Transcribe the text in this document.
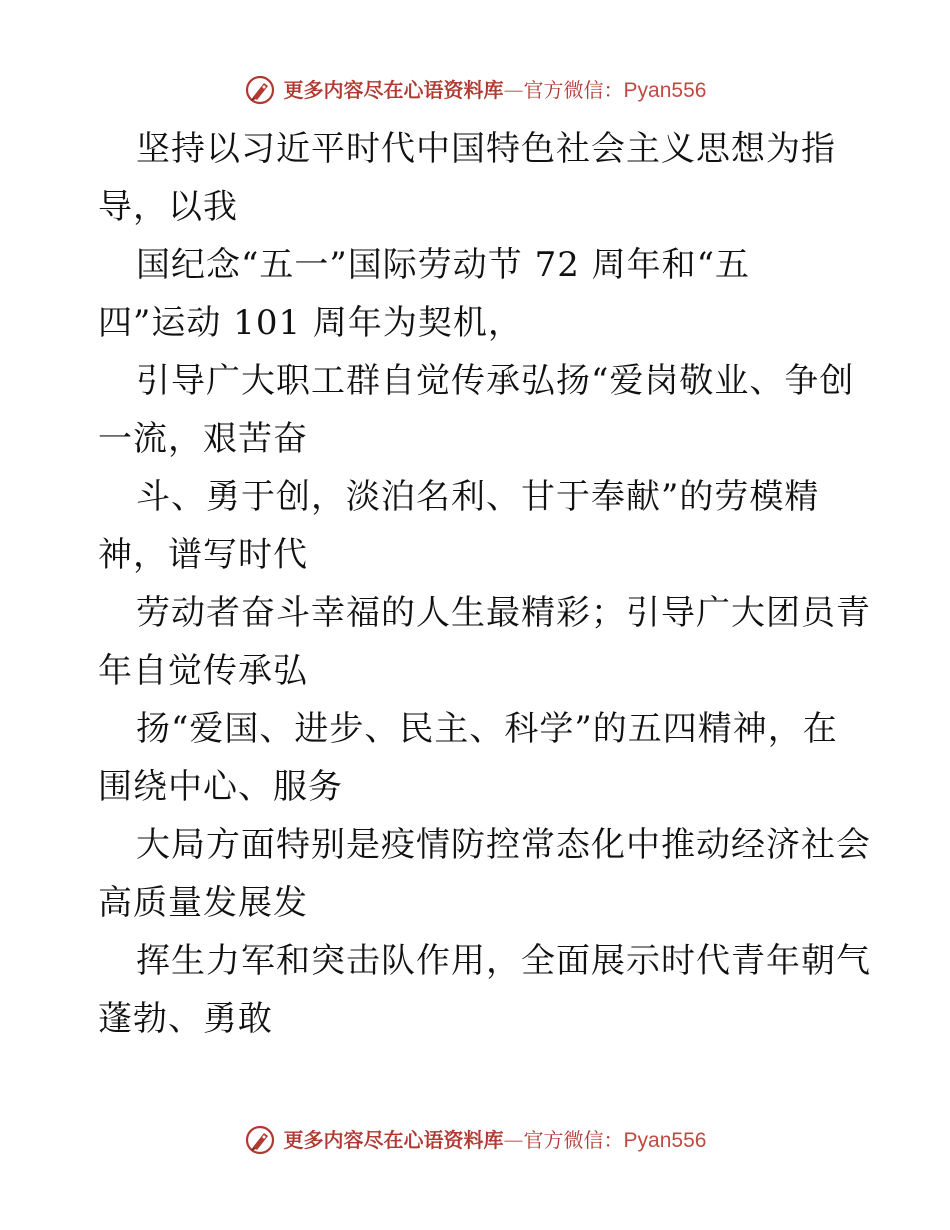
更多内容尽在心语资料库 — 官方微信： Pyan556
坚持以习近平时代中国特色社会主义思想为指
导，以我
国纪念“五一”国际劳动节 72 周年和“五
四”运动 101 周年为契机，
引导广大职工群自觉传承弘扬“爱岗敬业、争创
一流，艰苦奋
斗、勇于创，淡泊名利、甘于奉献”的劳模精
神，谱写时代
劳动者奋斗幸福的人生最精彩；引导广大团员青
年自觉传承弘
扬“爱国、进步、民主、科学”的五四精神，在
围绕中心、服务
大局方面特别是疫情防控常态化中推动经济社会
高质量发展发
挥生力军和突击队作用，全面展示时代青年朝气
蓬勃、勇敢
更多内容尽在心语资料库 — 官方微信： Pyan556
